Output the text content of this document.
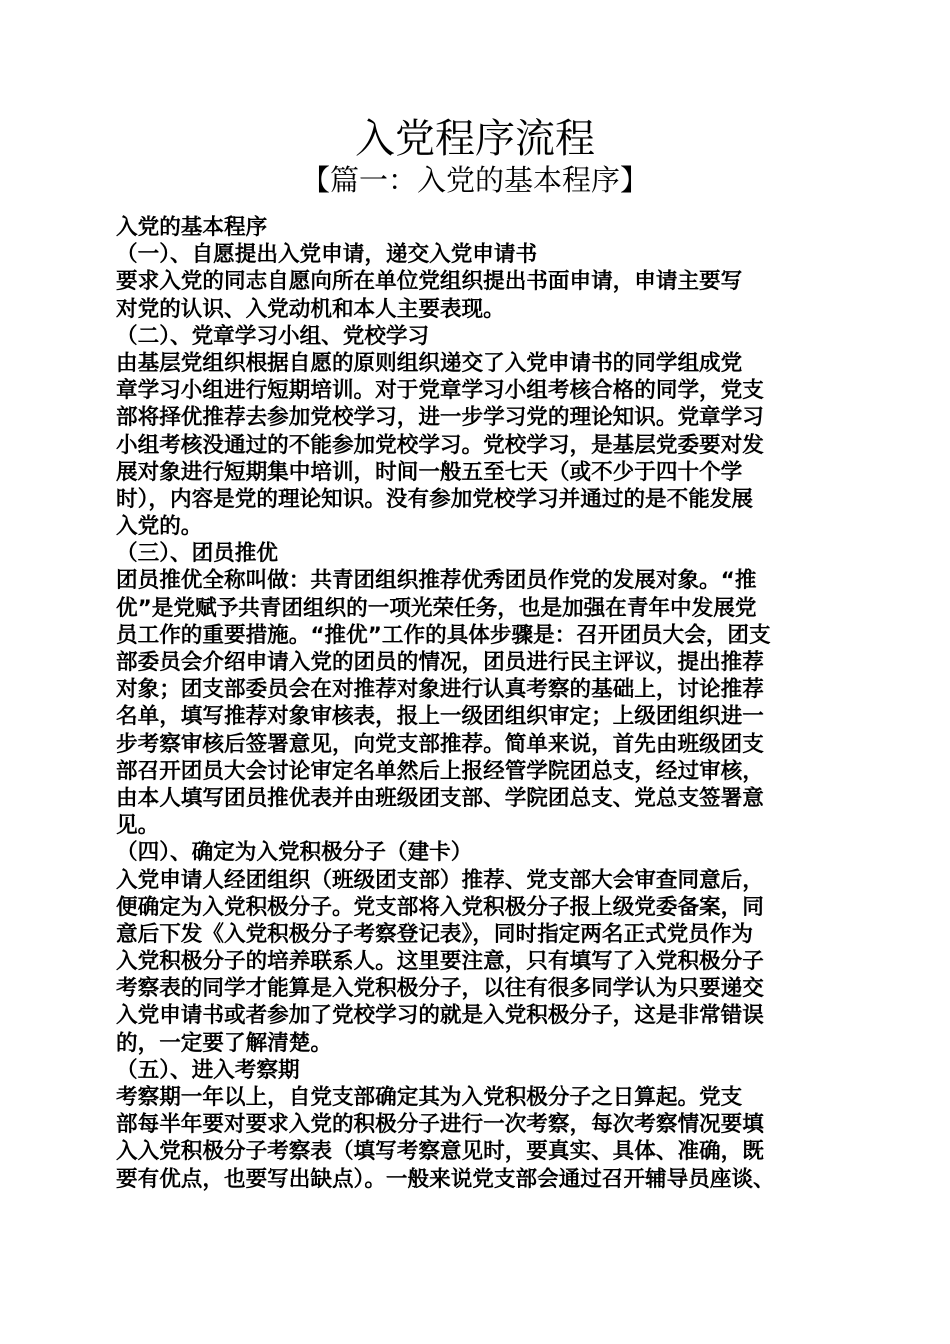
入党程序流程
【篇一：入党的基本程序】
入党的基本程序
（一）、自愿提出入党申请，递交入党申请书
要求入党的同志自愿向所在单位党组织提出书面申请，申请主要写
对党的认识、入党动机和本人主要表现。
（二）、党章学习小组、党校学习
由基层党组织根据自愿的原则组织递交了入党申请书的同学组成党
章学习小组进行短期培训。对于党章学习小组考核合格的同学，党支
部将择优推荐去参加党校学习，进一步学习党的理论知识。党章学习
小组考核没通过的不能参加党校学习。党校学习，是基层党委要对发
展对象进行短期集中培训，时间一般五至七天（或不少于四十个学
时），内容是党的理论知识。没有参加党校学习并通过的是不能发展
入党的。
（三）、团员推优
团员推优全称叫做：共青团组织推荐优秀团员作党的发展对象。“推
优”是党赋予共青团组织的一项光荣任务，也是加强在青年中发展党
员工作的重要措施。“推优”工作的具体步骤是：召开团员大会，团支
部委员会介绍申请入党的团员的情况，团员进行民主评议，提出推荐
对象；团支部委员会在对推荐对象进行认真考察的基础上，讨论推荐
名单，填写推荐对象审核表，报上一级团组织审定；上级团组织进一
步考察审核后签署意见，向党支部推荐。简单来说，首先由班级团支
部召开团员大会讨论审定名单然后上报经管学院团总支，经过审核，
由本人填写团员推优表并由班级团支部、学院团总支、党总支签署意
见。
（四）、确定为入党积极分子（建卡）
入党申请人经团组织（班级团支部）推荐、党支部大会审查同意后，
便确定为入党积极分子。党支部将入党积极分子报上级党委备案，同
意后下发《入党积极分子考察登记表》，同时指定两名正式党员作为
入党积极分子的培养联系人。这里要注意，只有填写了入党积极分子
考察表的同学才能算是入党积极分子，以往有很多同学认为只要递交
入党申请书或者参加了党校学习的就是入党积极分子，这是非常错误
的，一定要了解清楚。
（五）、进入考察期
考察期一年以上，自党支部确定其为入党积极分子之日算起。党支
部每半年要对要求入党的积极分子进行一次考察，每次考察情况要填
入入党积极分子考察表（填写考察意见时，要真实、具体、准确，既
要有优点，也要写出缺点）。一般来说党支部会通过召开辅导员座谈、
